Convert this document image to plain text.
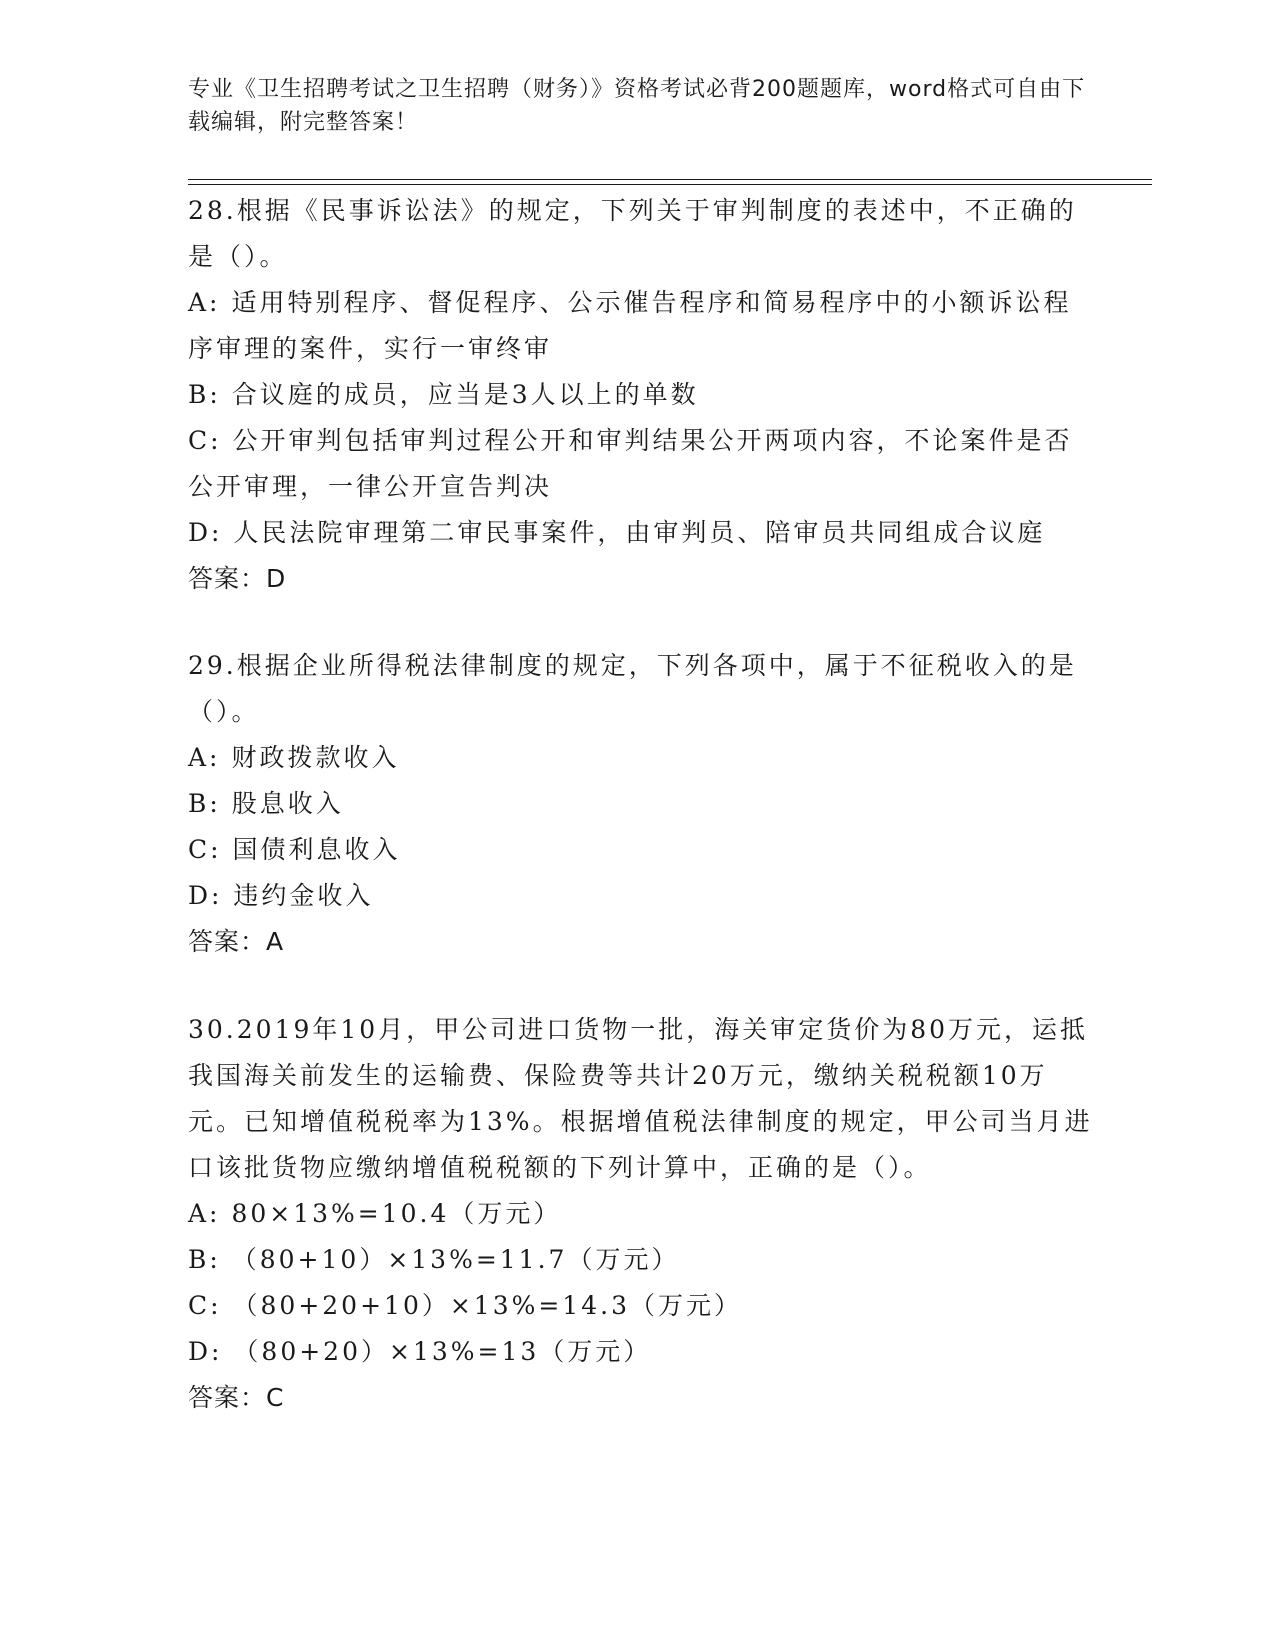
专业《卫生招聘考试之卫生招聘（财务）》资格考试必背200题题库，word格式可自由下载编辑，附完整答案！

28.根据《民事诉讼法》的规定，下列关于审判制度的表述中，不正确的是（）。

A: 适用特别程序、督促程序、公示催告程序和简易程序中的小额诉讼程序审理的案件，实行一审终审

B: 合议庭的成员，应当是3人以上的单数

C: 公开审判包括审判过程公开和审判结果公开两项内容，不论案件是否公开审理，一律公开宣告判决

D: 人民法院审理第二审民事案件，由审判员、陪审员共同组成合议庭

答案：D

29.根据企业所得税法律制度的规定，下列各项中，属于不征税收入的是（）。

A: 财政拨款收入

B: 股息收入

C: 国债利息收入

D: 违约金收入

答案：A

30.2019年10月，甲公司进口货物一批，海关审定货价为80万元，运抵我国海关前发生的运输费、保险费等共计20万元，缴纳关税税额10万元。已知增值税税率为13%。根据增值税法律制度的规定，甲公司当月进口该批货物应缴纳增值税税额的下列计算中，正确的是（）。

A: 80×13%=10.4（万元）

B: （80+10）×13%=11.7（万元）

C: （80+20+10）×13%=14.3（万元）

D: （80+20）×13%=13（万元）

答案：C
